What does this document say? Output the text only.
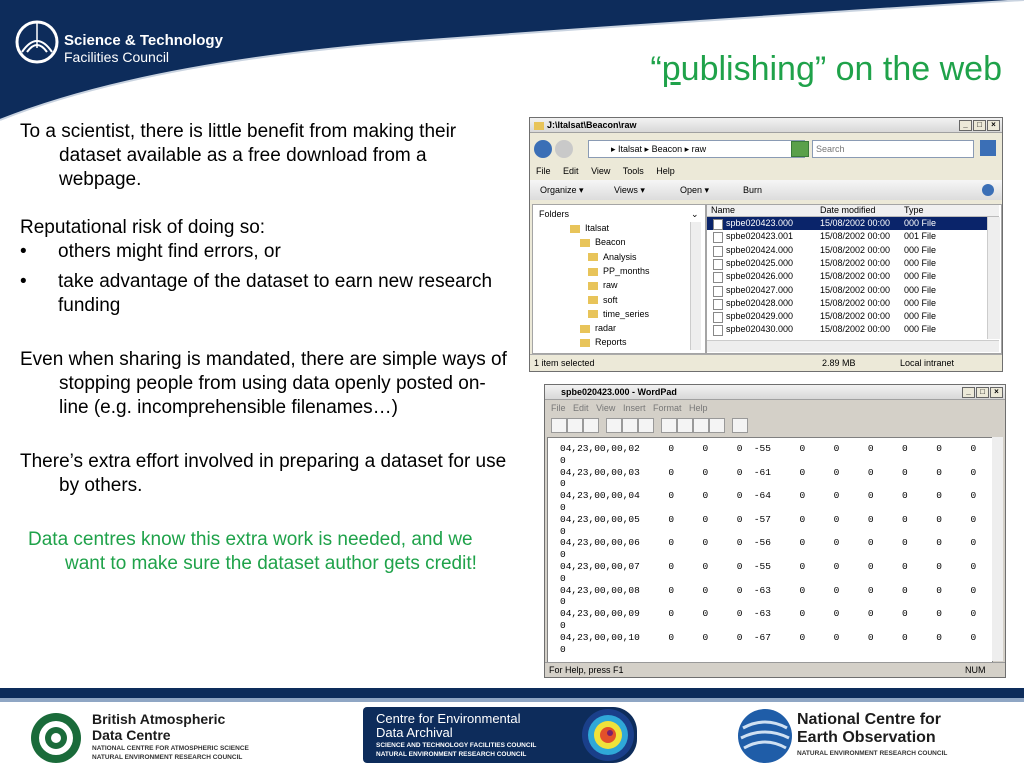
Science & Technology
Facilities Council	“publishing” on the web

To a scientist, there is little benefit from making their dataset available as a free download from a webpage.

Reputational risk of doing so:

•	others might find errors, or
•	take advantage of the dataset to earn new research funding

Even when sharing is mandated, there are simple ways of stopping people from using data openly posted on-line (e.g. incomprehensible filenames…)

There’s extra effort involved in preparing a dataset for use by others.

Data centres know this extra work is needed, and we want to make sure the dataset author gets credit!

J:\Italsat\Beacon\raw	_	□	×
▸ Italsat ▸ Beacon ▸ raw	Search
File Edit View Tools Help
Organize ▾	Views ▾	Open ▾	Burn
Folders	⌄
Italsat
Beacon
Analysis
PP_months
raw
soft
time_series
radar
Reports
Name	Date modified	Type
spbe020423.000	15/08/2002 00:00 000 File
spbe020423.001	15/08/2002 00:00 001 File
spbe020424.000	15/08/2002 00:00 000 File
spbe020425.000	15/08/2002 00:00 000 File
spbe020426.000	15/08/2002 00:00 000 File
spbe020427.000	15/08/2002 00:00 000 File
spbe020428.000	15/08/2002 00:00 000 File
spbe020429.000	15/08/2002 00:00 000 File
spbe020430.000	15/08/2002 00:00 000 File
1 item selected	2.89 MB	Local intranet
spbe020423.000 - WordPad	_	□	×
File Edit View Insert Format Help
04,23,00,00,02     0     0     0  -55     0     0     0     0     0     0
0
04,23,00,00,03     0     0     0  -61     0     0     0     0     0     0
0
04,23,00,00,04     0     0     0  -64     0     0     0     0     0     0
0
04,23,00,00,05     0     0     0  -57     0     0     0     0     0     0
0
04,23,00,00,06     0     0     0  -56     0     0     0     0     0     0
0
04,23,00,00,07     0     0     0  -55     0     0     0     0     0     0
0
04,23,00,00,08     0     0     0  -63     0     0     0     0     0     0
0
04,23,00,00,09     0     0     0  -63     0     0     0     0     0     0
0
04,23,00,00,10     0     0     0  -67     0     0     0     0     0     0
0
For Help, press F1	NUM
British Atmospheric
Data Centre
NATIONAL CENTRE FOR ATMOSPHERIC SCIENCE
NATURAL ENVIRONMENT RESEARCH COUNCIL
Centre for Environmental
Data Archival
SCIENCE AND TECHNOLOGY FACILITIES COUNCIL
NATURAL ENVIRONMENT RESEARCH COUNCIL
National Centre for
Earth Observation
NATURAL ENVIRONMENT RESEARCH COUNCIL
